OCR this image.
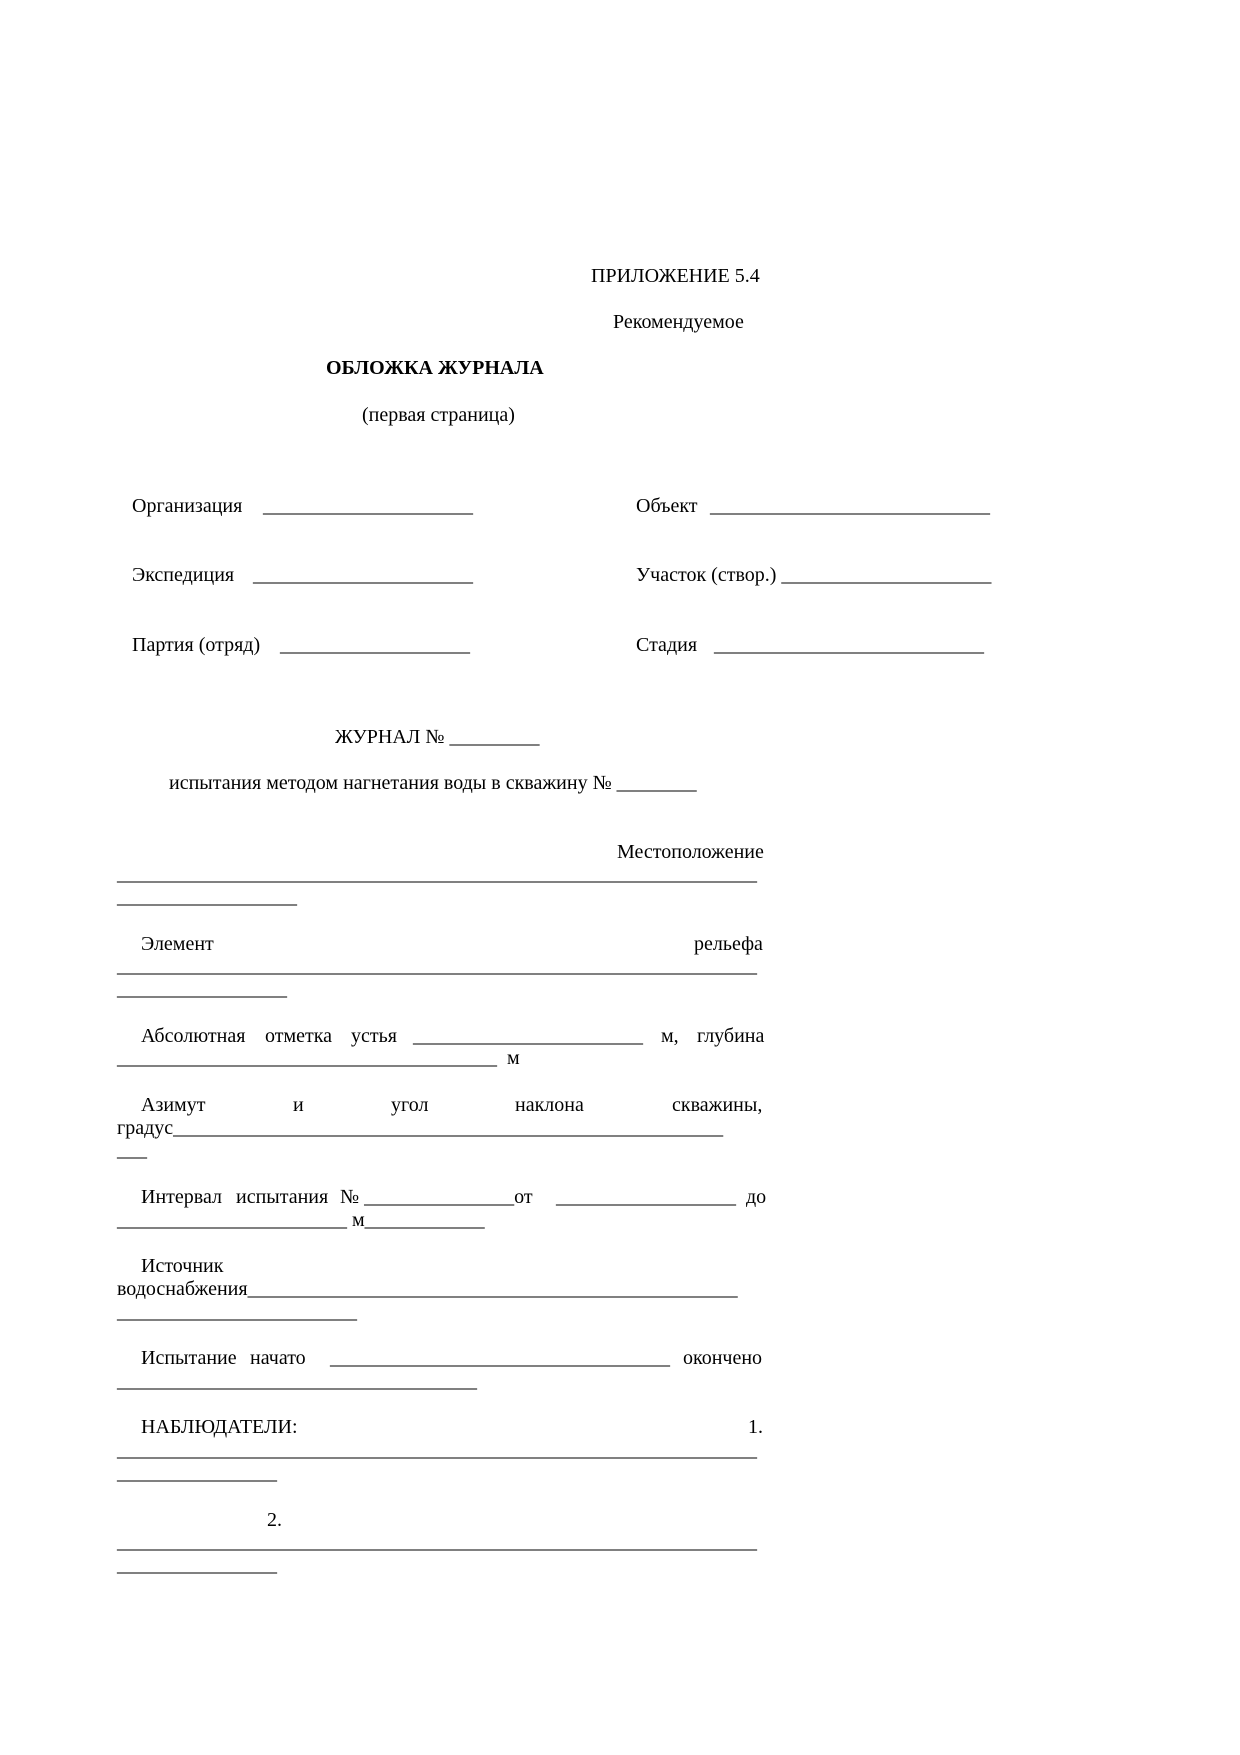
ПРИЛОЖЕНИЕ 5.4
Рекомендуемое
ОБЛОЖКА ЖУРНАЛА
(первая страница)
Организация _____________________	Объект ____________________________
Экспедиция ______________________	Участок (створ.) _____________________
Партия (отряд) ___________________	Стадия ___________________________
ЖУРНАЛ № _________
испытания методом нагнетания воды в скважину № ________
Местоположение
________________________________________________________________
__________________
Элемент	рельефа
________________________________________________________________
_________________
Абсолютная отметка устья _______________________ м, глубина
______________________________________  м
Азимут	и	угол	наклона	скважины,
градус_______________________________________________________
___
Интервал испытания № _______________от __________________ до
_______________________ м____________
Источник
водоснабжения_________________________________________________
________________________
Испытание начато __________________________________ окончено
____________________________________
НАБЛЮДАТЕЛИ:	1.
________________________________________________________________
________________
2.
________________________________________________________________
________________
